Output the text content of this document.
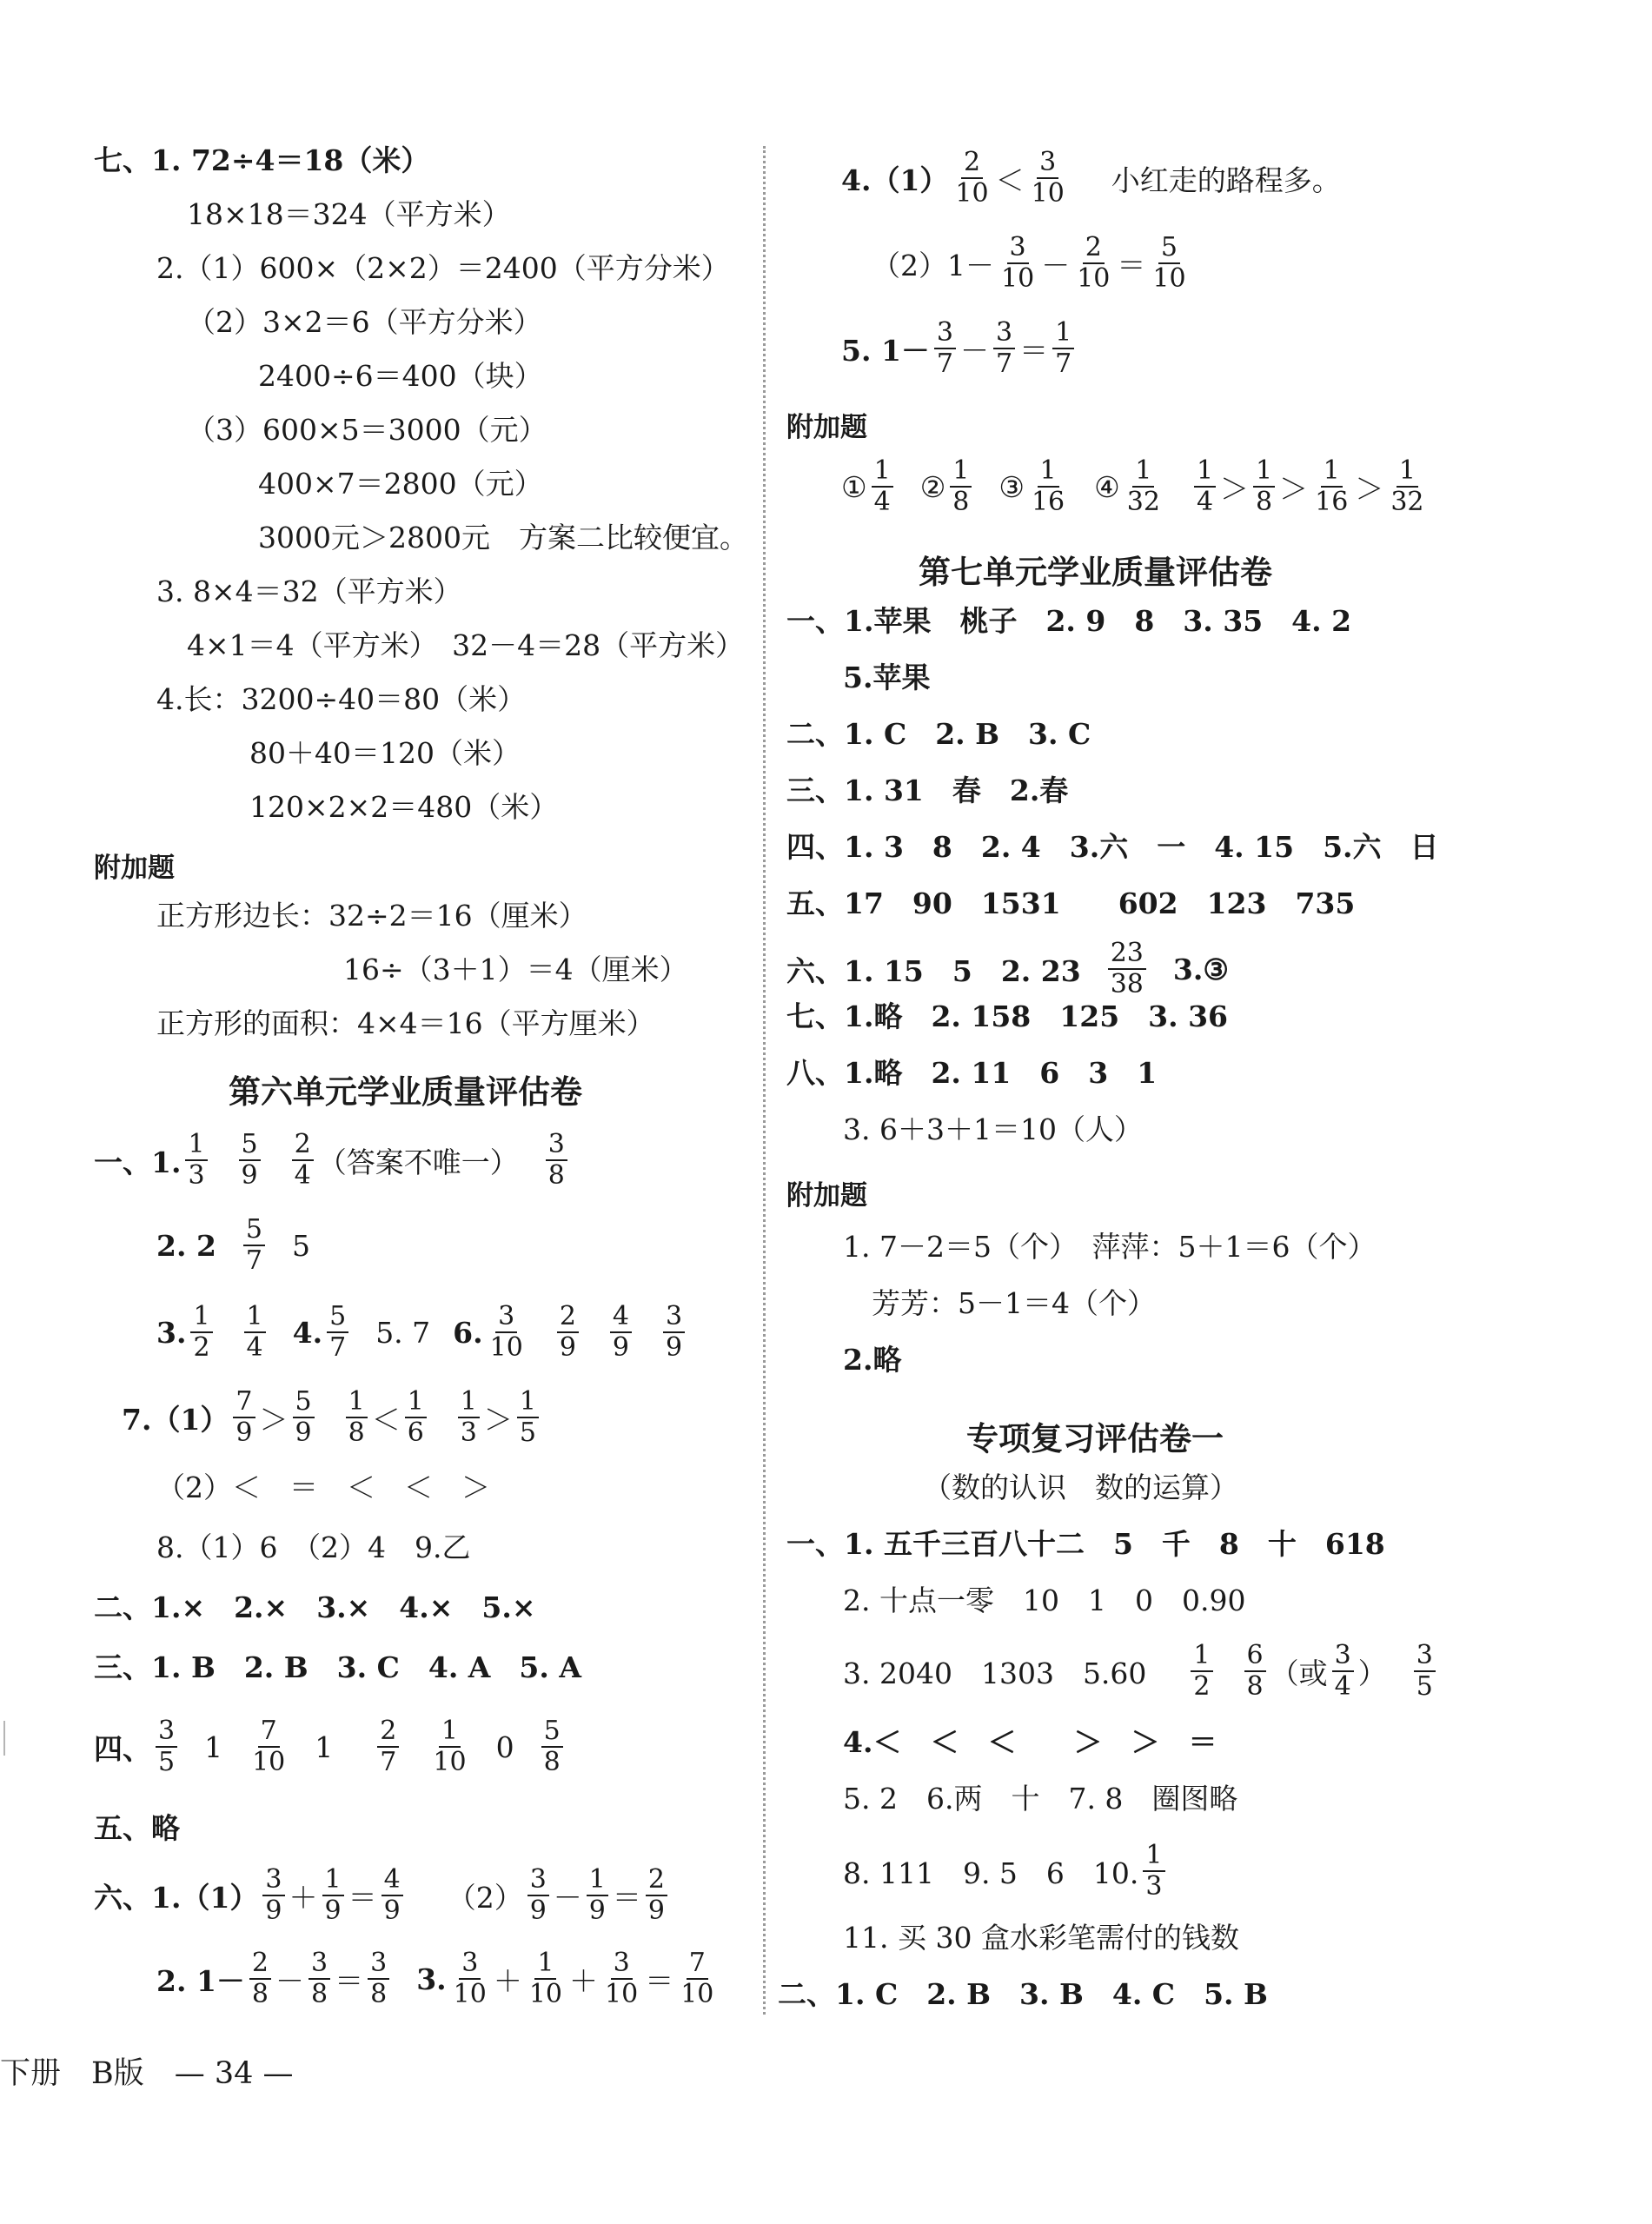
七、1. 72÷4＝18（米）
18×18＝324（平方米）
2.（1）600×（2×2）＝2400（平方分米）
（2）3×2＝6（平方分米）
2400÷6＝400（块）
（3）600×5＝3000（元）
400×7＝2800（元）
3000元＞2800元　方案二比较便宜。
3. 8×4＝32（平方米）
4×1＝4（平方米）　32－4＝28（平方米）
4.长：3200÷40＝80（米）
80＋40＝120（米）
120×2×2＝480（米）
附加题
正方形边长：32÷2＝16（厘米）
16÷（3＋1）＝4（厘米）
正方形的面积：4×4＝16（平方厘米）
第六单元学业质量评估卷
一、1. $\frac{1}{3} \frac{5}{9} \frac{2}{4}$ （答案不唯一） $\frac{3}{8}$
2. $2 \frac{5}{7} 5$
3. $\frac{1}{2} \frac{1}{4} 4$. $\frac{5}{7} 5$. 7 6. $\frac{3}{10} \frac{2}{9} \frac{4}{9} \frac{3}{9}$
$7.(1) \frac{7}{9} > \frac{5}{9} \frac{1}{8} < \frac{1}{6} \frac{1}{3} > \frac{1}{5}$
（2）＜　＝　＜　＜　＞
8.（1）6　（2）4　9.乙
二、1.×　2.×　3.×　4.×　5.×
三、1. B　2. B　3. C　4. A　5. A
四、 $\frac{3}{5} 1 \frac{7}{10} 1 \frac{2}{7} \frac{1}{10} 0 \frac{5}{8}$
五、略
六、$1.(1) \frac{3}{9} + \frac{1}{9} = \frac{4}{9} (2) \frac{3}{9} - \frac{1}{9} = \frac{2}{9}$
2. $1- \frac{2}{8} - \frac{3}{8} = \frac{3}{8} 3$. $\frac{3}{10} + \frac{1}{10} + \frac{3}{10} = \frac{7}{10}$
$4.(1) \frac{2}{10} < \frac{3}{10}$ 小红走的路程多。
$(2)1- \frac{3}{10} - \frac{2}{10} = \frac{5}{10}$
5. $1- \frac{3}{7} - \frac{3}{7} = \frac{1}{7}$
附加题
① $\frac{1}{4}$ ② $\frac{1}{8}$ ③ $\frac{1}{16}$ ④ $\frac{1}{32} \frac{1}{4} > \frac{1}{8} > \frac{1}{16} > \frac{1}{32}$
第七单元学业质量评估卷
一、1.苹果　桃子　2. 9　8　3. 35　4. 2
5.苹果
二、1. C　2. B　3. C
三、1. 31　春　2.春
四、1. 3　8　2. 4　3.六　一　4. 15　5.六　日
五、17　90　1531　　602　123　735
六、1. 15　5　2. $23 \frac{23}{38}$ 3.③
七、1.略　2. 158　125　3. 36
八、1.略　2. 11　6　3　1
3. 6＋3＋1＝10（人）
附加题
1. 7－2＝5（个）　萍萍：5＋1＝6（个）
芳芳：5－1＝4（个）
2.略
专项复习评估卷一
（数的认识　数的运算）
一、1. 五千三百八十二　5　千　8　十　618
2. 十点一零　10　1　0　0.90
3. 2040　1303　$5.60 \frac{1}{2} \frac{6}{8}$ （或 $\frac{3}{4}$ ） $\frac{3}{5}$
4.＜　＜　＜　　＞　＞　＝
5. 2　6.两　十　7. 8　圈图略
8. 111　9. 5　6　10. $\frac{1}{3}$
11. 买 30 盒水彩笔需付的钱数
二、1. C　2. B　3. B　4. C　5. B
下册　B版　— 34 —
